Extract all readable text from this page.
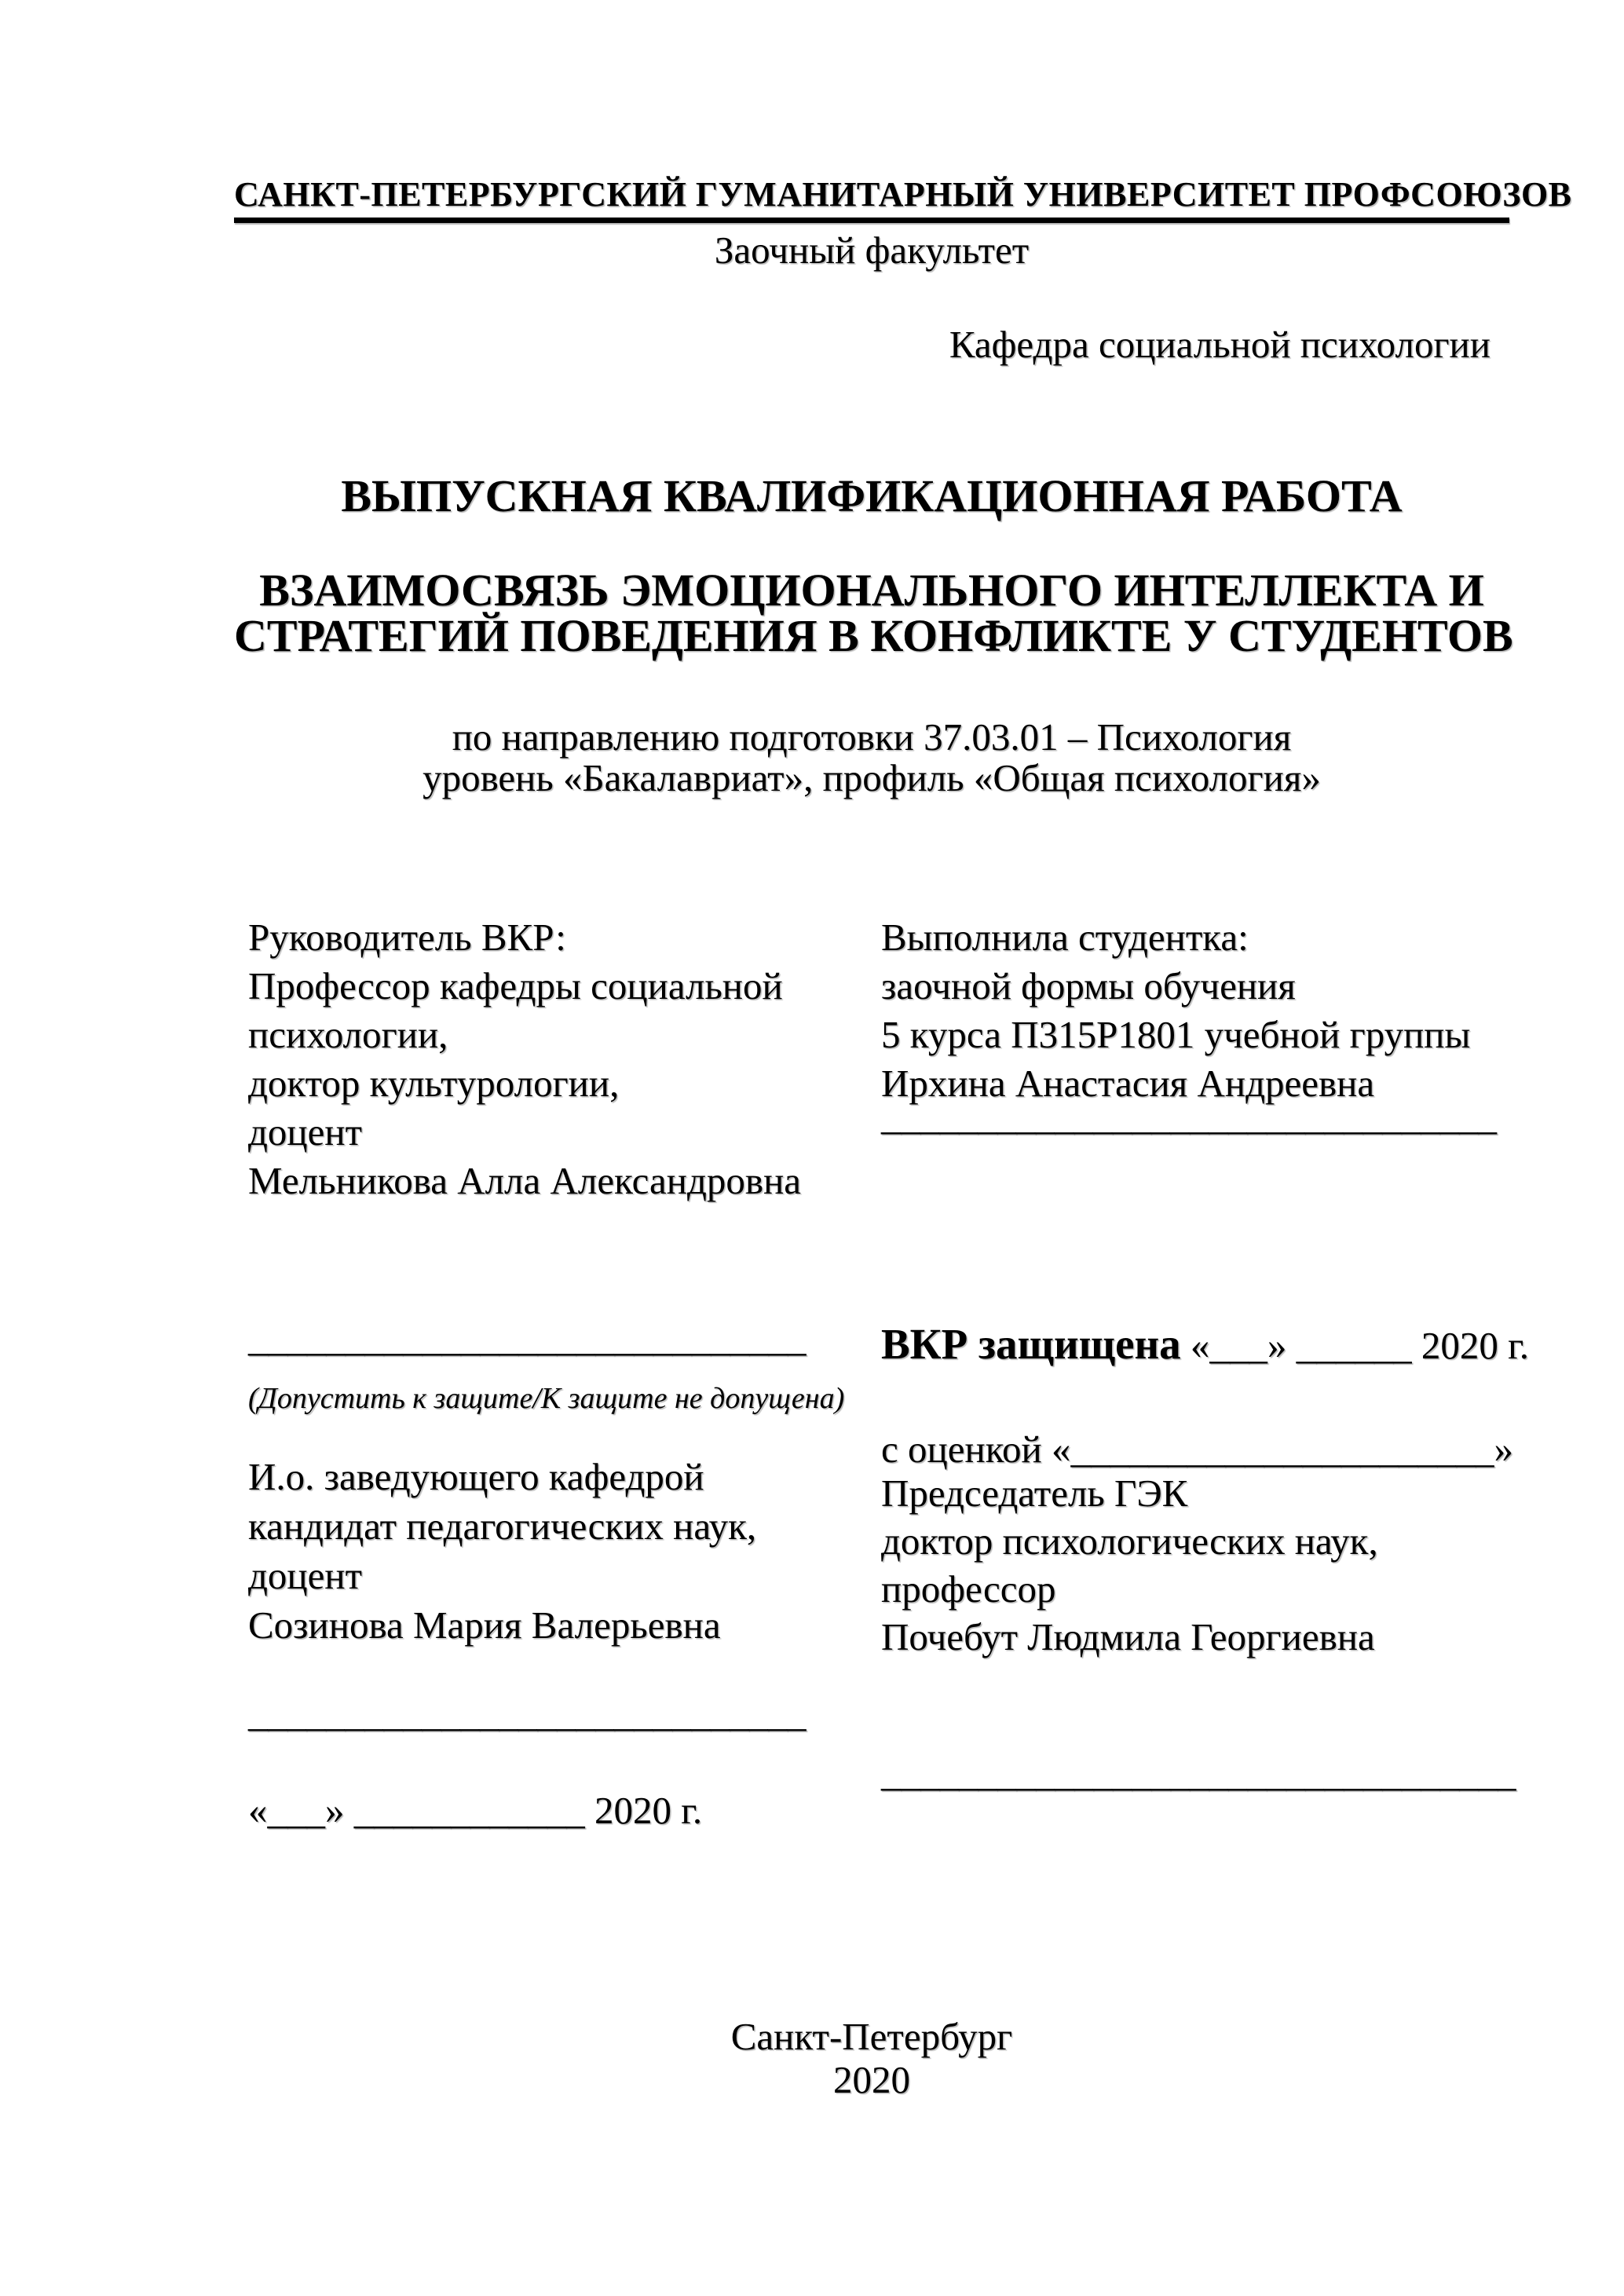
САНКТ-ПЕТЕРБУРГСКИЙ ГУМАНИТАРНЫЙ УНИВЕРСИТЕТ ПРОФСОЮЗОВ
Заочный факультет
Кафедра социальной психологии
ВЫПУСКНАЯ КВАЛИФИКАЦИОННАЯ РАБОТА
ВЗАИМОСВЯЗЬ ЭМОЦИОНАЛЬНОГО ИНТЕЛЛЕКТА И
СТРАТЕГИЙ ПОВЕДЕНИЯ В КОНФЛИКТЕ У СТУДЕНТОВ
по направлению подготовки 37.03.01 – Психология
уровень «Бакалавриат», профиль «Общая психология»
Руководитель ВКР:
Профессор кафедры социальной
психологии,
доктор культурологии,
доцент
Мельникова Алла Александровна
Выполнила студентка:
заочной формы обучения
5 курса П315Р1801 учебной группы
Ирхина Анастасия Андреевна
________________________________
_____________________________
(Допустить к защите/К защите не допущена)
ВКР защищена «___» ______ 2020 г.
с оценкой «______________________»
И.о. заведующего кафедрой
кандидат педагогических наук,
доцент
Созинова Мария Валерьевна
Председатель ГЭК
доктор психологических наук,
профессор
Почебут Людмила Георгиевна
_____________________________
_________________________________
«___» ____________ 2020 г.
Санкт-Петербург
2020
